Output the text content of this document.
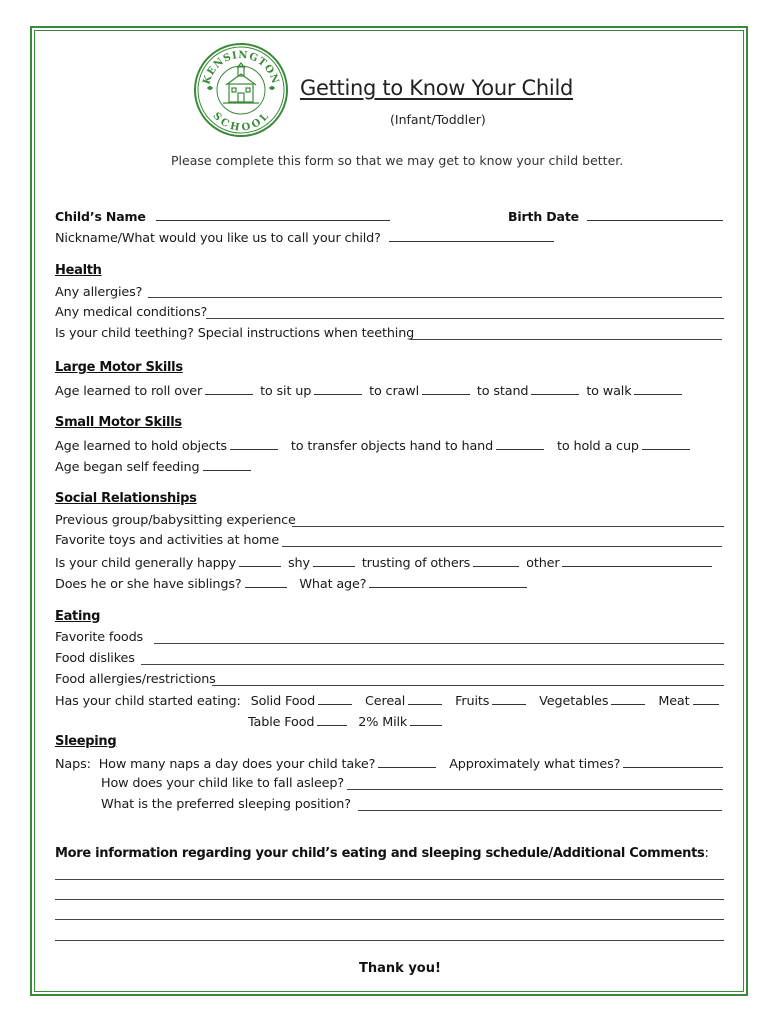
KENSINGTON
SCHOOL
Getting to Know Your Child
(Infant/Toddler)
Please complete this form so that we may get to know your child better.
Child’s Name	Birth Date
Nickname/What would you like us to call your child?
Health
Any allergies?
Any medical conditions?
Is your child teething? Special instructions when teething
Large Motor Skills
Age learned to roll over	to sit up	to crawl	to stand	to walk
Small Motor Skills
Age learned to hold objects	to transfer objects hand to hand	to hold a cup
Age began self feeding
Social Relationships
Previous group/babysitting experience
Favorite toys and activities at home
Is your child generally happy	shy	trusting of others	other
Does he or she have siblings?	What age?
Eating
Favorite foods
Food dislikes
Food allergies/restrictions
Has your child started eating: Solid Food	Cereal	Fruits	Vegetables	Meat
Table Food	2% Milk
Sleeping
Naps: How many naps a day does your child take?	Approximately what times?
How does your child like to fall asleep?
What is the preferred sleeping position?
More information regarding your child’s eating and sleeping schedule/Additional Comments:
Thank you!
